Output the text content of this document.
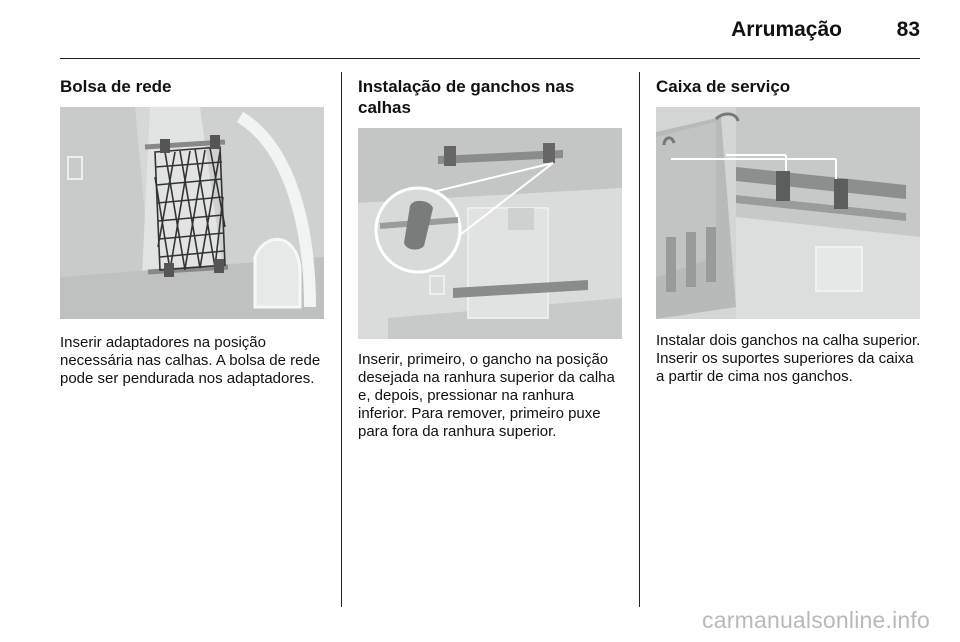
Arrumação	83
Bolsa de rede

Inserir adaptadores na posição necessária nas calhas. A bolsa de rede pode ser pendurada nos adaptadores.

Instalação de ganchos nas calhas

Inserir, primeiro, o gancho na posição desejada na ranhura superior da calha e, depois, pressionar na ranhura inferior. Para remover, primeiro puxe para fora da ranhura superior.

Caixa de serviço

Instalar dois ganchos na calha superior. Inserir os suportes superiores da caixa a partir de cima nos ganchos.

carmanualsonline.info
